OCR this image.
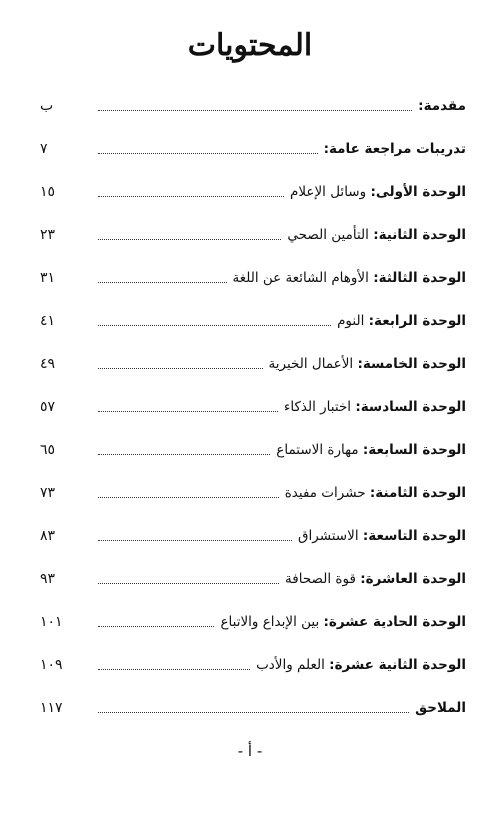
المحتويات
مقدمة:
ب
تدريبات مراجعة عامة:
٧
الوحدة الأولى: وسائل الإعلام
١٥
الوحدة الثانية: التأمين الصحي
٢٣
الوحدة الثالثة: الأوهام الشائعة عن اللغة
٣١
الوحدة الرابعة: النوم
٤١
الوحدة الخامسة: الأعمال الخيرية
٤٩
الوحدة السادسة: اختبار الذكاء
٥٧
الوحدة السابعة: مهارة الاستماع
٦٥
الوحدة الثامنة: حشرات مفيدة
٧٣
الوحدة التاسعة: الاستشراق
٨٣
الوحدة العاشرة: قوة الصحافة
٩٣
الوحدة الحادية عشرة: بين الإبداع والاتباع
١٠١
الوحدة الثانية عشرة: العلم والأدب
١٠٩
الملاحق
١١٧
- أ -
